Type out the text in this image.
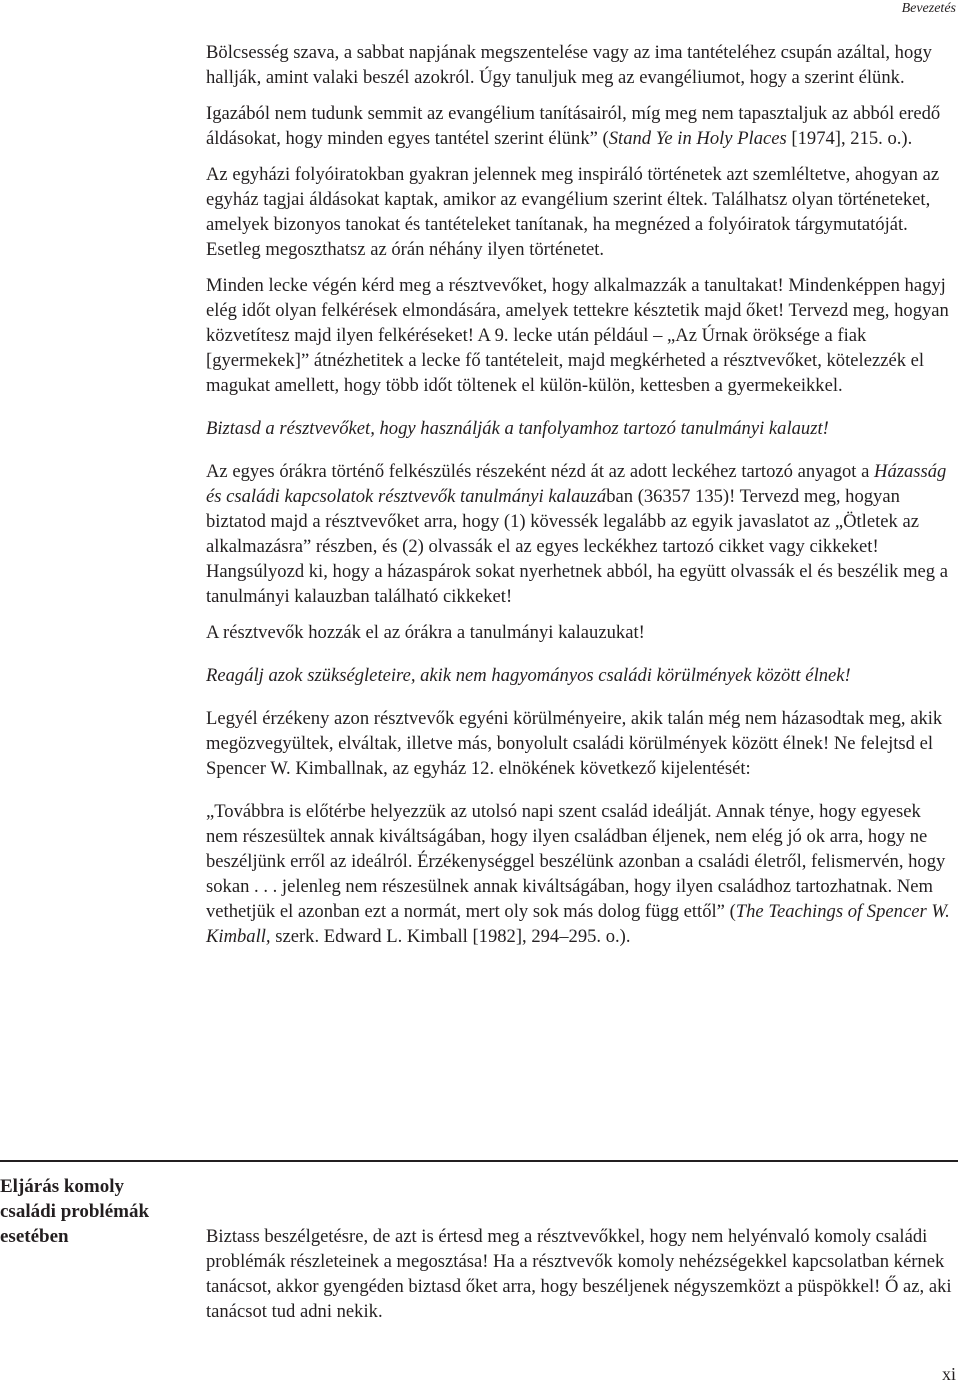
Bevezetés

Bölcsesség szava, a sabbat napjának megszentelése vagy az ima tantételéhez csupán azáltal, hogy hallják, amint valaki beszél azokról. Úgy tanuljuk meg az evangéliumot, hogy a szerint élünk.

Igazából nem tudunk semmit az evangélium tanításairól, míg meg nem tapasztaljuk az abból eredő áldásokat, hogy minden egyes tantétel szerint élünk” (Stand Ye in Holy Places [1974], 215. o.).

Az egyházi folyóiratokban gyakran jelennek meg inspiráló történetek azt szemléltetve, ahogyan az egyház tagjai áldásokat kaptak, amikor az evangélium szerint éltek. Találhatsz olyan történeteket, amelyek bizonyos tanokat és tantételeket tanítanak, ha megnézed a folyóiratok tárgymutatóját. Esetleg megoszthatsz az órán néhány ilyen történetet.

Minden lecke végén kérd meg a résztvevőket, hogy alkalmazzák a tanultakat! Mindenképpen hagyj elég időt olyan felkérések elmondására, amelyek tettekre késztetik majd őket! Tervezd meg, hogyan közvetítesz majd ilyen felkéréseket! A 9. lecke után például – „Az Úrnak öröksége a fiak [gyermekek]” átnézhetitek a lecke fő tantételeit, majd megkérheted a résztvevőket, kötelezzék el magukat amellett, hogy több időt töltenek el külön-külön, kettesben a gyermekeikkel.

Biztasd a résztvevőket, hogy használják a tanfolyamhoz tartozó tanulmányi kalauzt!

Az egyes órákra történő felkészülés részeként nézd át az adott leckéhez tartozó anyagot a Házasság és családi kapcsolatok résztvevők tanulmányi kalauzában (36357 135)! Tervezd meg, hogyan biztatod majd a résztvevőket arra, hogy (1) kövessék legalább az egyik javaslatot az „Ötletek az alkalmazásra” részben, és (2) olvassák el az egyes leckékhez tartozó cikket vagy cikkeket! Hangsúlyozd ki, hogy a házaspárok sokat nyerhetnek abból, ha együtt olvassák el és beszélik meg a tanulmányi kalauzban található cikkeket!

A résztvevők hozzák el az órákra a tanulmányi kalauzukat!

Reagálj azok szükségleteire, akik nem hagyományos családi körülmények között élnek!

Legyél érzékeny azon résztvevők egyéni körülményeire, akik talán még nem házasodtak meg, akik megözvegyültek, elváltak, illetve más, bonyolult családi körülmények között élnek! Ne felejtsd el Spencer W. Kimballnak, az egyház 12. elnökének következő kijelentését:

„Továbbra is előtérbe helyezzük az utolsó napi szent család ideálját. Annak ténye, hogy egyesek nem részesültek annak kiváltságában, hogy ilyen családban éljenek, nem elég jó ok arra, hogy ne beszéljünk erről az ideálról. Érzékenységgel beszélünk azonban a családi életről, felismervén, hogy sokan . . . jelenleg nem részesülnek annak kiváltságában, hogy ilyen családhoz tartozhatnak. Nem vethetjük el azonban ezt a normát, mert oly sok más dolog függ ettől” (The Teachings of Spencer W. Kimball, szerk. Edward L. Kimball [1982], 294–295. o.).

Eljárás komoly
családi problémák
esetében	Biztass beszélgetésre, de azt is értesd meg a résztvevőkkel, hogy nem helyénvaló komoly családi problémák részleteinek a megosztása! Ha a résztvevők komoly nehézségekkel kapcsolatban kérnek tanácsot, akkor gyengéden biztasd őket arra, hogy beszéljenek négyszemközt a püspökkel! Ő az, aki tanácsot tud adni nekik.

xi
